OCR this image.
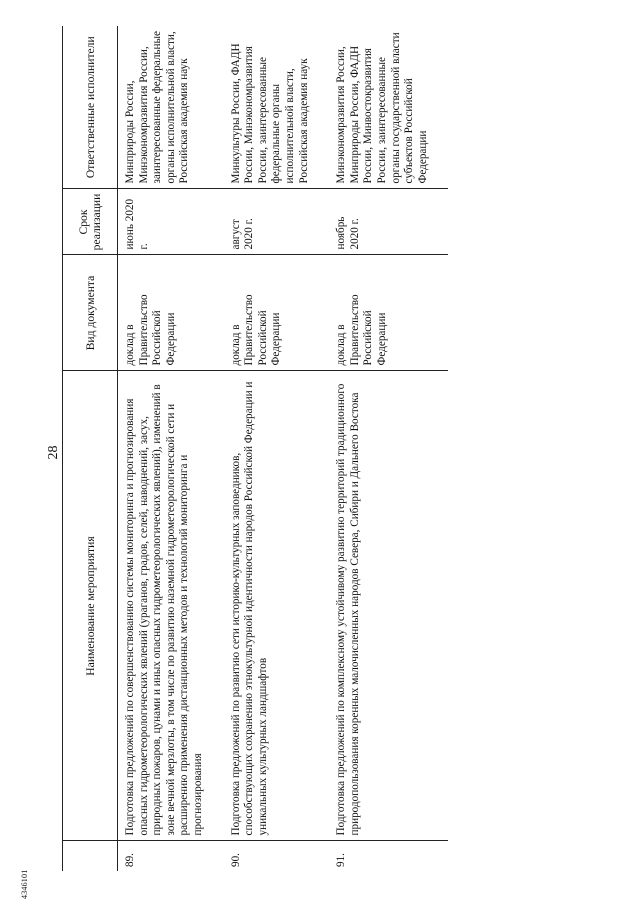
4346101
28
	Наименование мероприятия	Вид документа	Срок реализации	Ответственные исполнители
89.	Подготовка предложений по совершенствованию системы мониторинга и прогнозирования опасных гидрометеорологических явлений (ураганов, градов, селей, наводнений, засух, природных пожаров, цунами и иных опасных гидрометеорологических явлений), изменений в зоне вечной мерзлоты, в том числе по развитию наземной гидрометеорологической сети и расширению применения дистанционных методов и технологий мониторинга и прогнозирования	доклад в Правительство Российской Федерации	июнь 2020 г.	Минприроды России, Минэкономразвития России, заинтересованные федеральные органы исполнительной власти, Российская академия наук
90.	Подготовка предложений по развитию сети историко-культурных заповедников, способствующих сохранению этнокультурной идентичности народов Российской Федерации и уникальных культурных ландшафтов	доклад в Правительство Российской Федерации	август 2020 г.	Минкультуры России, ФАДН России, Минэкономразвития России, заинтересованные федеральные органы исполнительной власти, Российская академия наук
91.	Подготовка предложений по комплексному устойчивому развитию территорий традиционного природопользования коренных малочисленных народов Севера, Сибири и Дальнего Востока	доклад в Правительство Российской Федерации	ноябрь 2020 г.	Минэкономразвития России, Минприроды России, ФАДН России, Минвостокразвития России, заинтересованные органы государственной власти субъектов Российской Федерации
